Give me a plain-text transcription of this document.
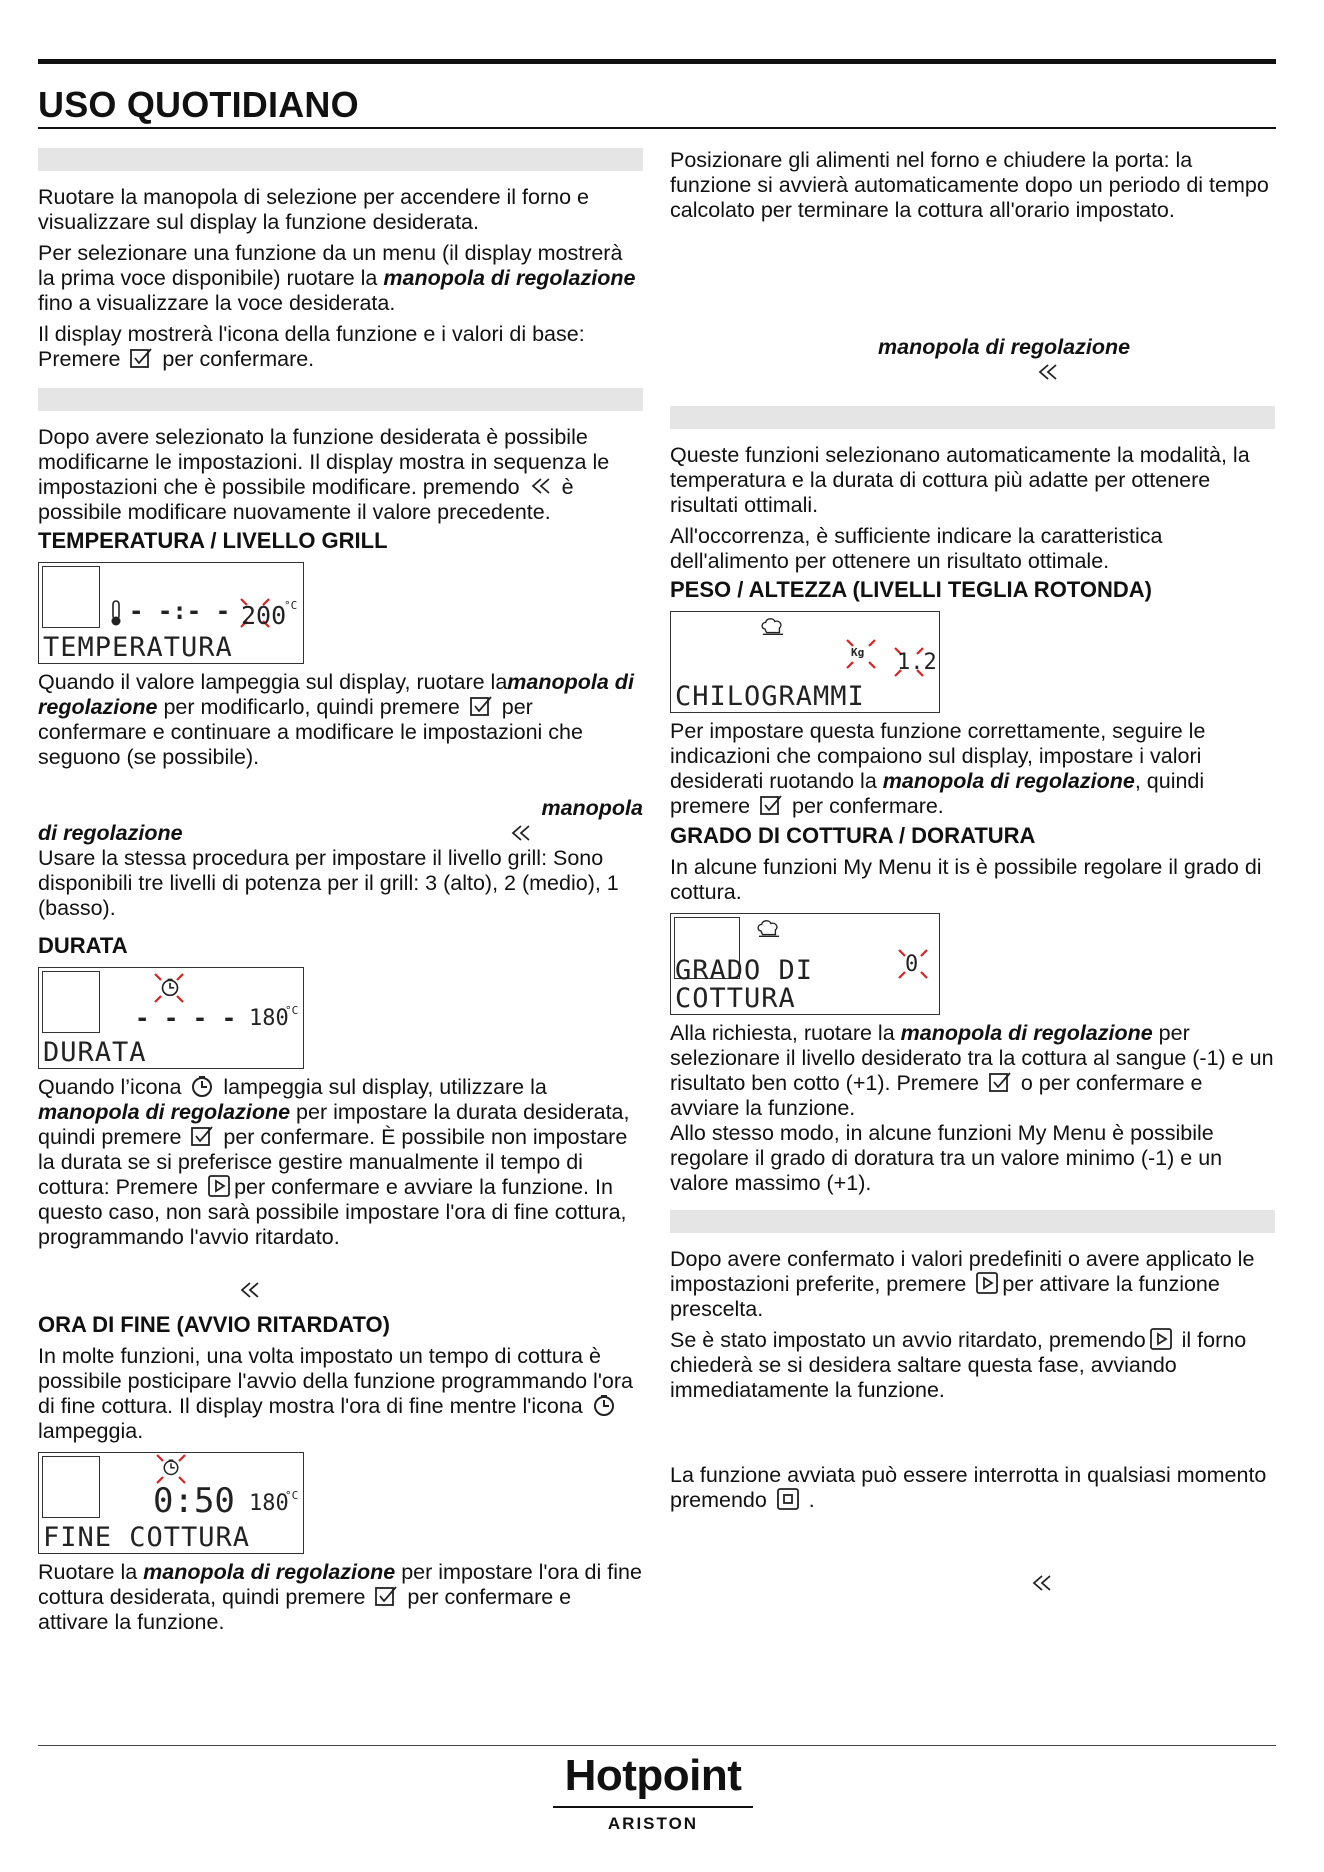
USO QUOTIDIANO

Ruotare la manopola di selezione per accendere il forno e visualizzare sul display la funzione desiderata.

Per selezionare una funzione da un menu (il display mostrerà la prima voce disponibile) ruotare la manopola di regolazione fino a visualizzare la voce desiderata.

Il display mostrerà l'icona della funzione e i valori di base: Premere  per confermare.

Dopo avere selezionato la funzione desiderata è possibile modificarne le impostazioni. Il display mostra in sequenza le impostazioni che è possibile modificare. premendo  è possibile modificare nuovamente il valore precedente.

TEMPERATURA / LIVELLO GRILL

- -:- - 200
°C
TEMPERATURA

Quando il valore lampeggia sul display, ruotare lamanopola di regolazione per modificarlo, quindi premere  per confermare e continuare a modificare le impostazioni che seguono (se possibile).

manopola

di regolazione

Usare la stessa procedura per impostare il livello grill: Sono disponibili tre livelli di potenza per il grill: 3 (alto), 2 (medio), 1 (basso).

DURATA

- - - - 180
°C
DURATA

Quando l’icona  lampeggia sul display, utilizzare la manopola di regolazione per impostare la durata desiderata, quindi premere  per confermare. È possibile non impostare la durata se si preferisce gestire manualmente il tempo di cottura: Premere per confermare e avviare la funzione. In questo caso, non sarà possibile impostare l'ora di fine cottura, programmando l'avvio ritardato.

ORA DI FINE (AVVIO RITARDATO)

In molte funzioni, una volta impostato un tempo di cottura è possibile posticipare l'avvio della funzione programmando l'ora di fine cottura. Il display mostra l'ora di fine mentre l'icona  lampeggia.

0:50 180
°C
FINE COTTURA

Ruotare la manopola di regolazione per impostare l'ora di fine cottura desiderata, quindi premere  per confermare e attivare la funzione.

Posizionare gli alimenti nel forno e chiudere la porta: la funzione si avvierà automaticamente dopo un periodo di tempo calcolato per terminare la cottura all'orario impostato.

manopola di regolazione

Queste funzioni selezionano automaticamente la modalità, la temperatura e la durata di cottura più adatte per ottenere risultati ottimali.

All'occorrenza, è sufficiente indicare la caratteristica dell'alimento per ottenere un risultato ottimale.

PESO / ALTEZZA (LIVELLI TEGLIA ROTONDA)

Kg 1.2
CHILOGRAMMI

Per impostare questa funzione correttamente, seguire le indicazioni che compaiono sul display, impostare i valori desiderati ruotando la manopola di regolazione, quindi premere  per confermare.

GRADO DI COTTURA / DORATURA

In alcune funzioni My Menu it is è possibile regolare il grado di cottura.

0
GRADO DI COTTURA

Alla richiesta, ruotare la manopola di regolazione per selezionare il livello desiderato tra la cottura al sangue (-1) e un risultato ben cotto (+1). Premere  o per confermare e avviare la funzione.

Allo stesso modo, in alcune funzioni My Menu è possibile regolare il grado di doratura tra un valore minimo (-1) e un valore massimo (+1).

Dopo avere confermato i valori predefiniti o avere applicato le impostazioni preferite, premere per attivare la funzione prescelta.

Se è stato impostato un avvio ritardato, premendo il forno chiederà se si desidera saltare questa fase, avviando immediatamente la funzione.

La funzione avviata può essere interrotta in qualsiasi momento premendo  .

Hotpoint
ARISTON
